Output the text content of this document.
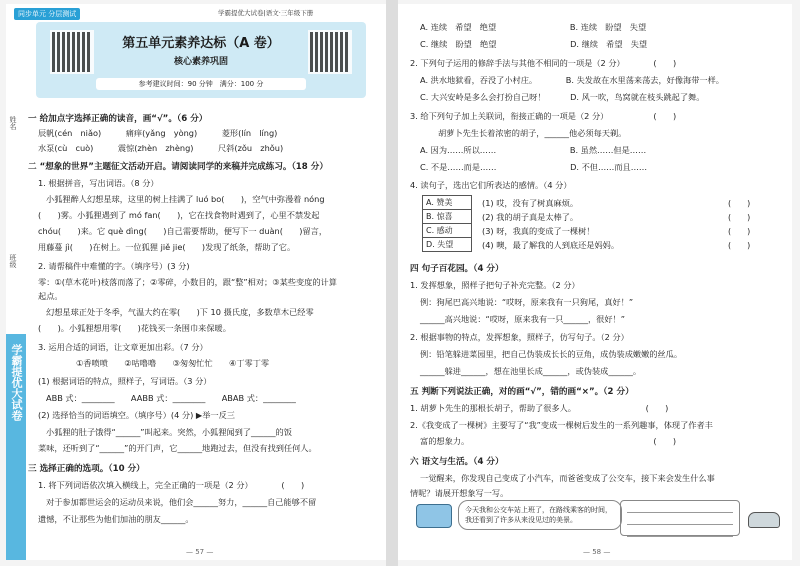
同步单元 分层测试	学霸提优大试卷|语文·三年级下册
第五单元素养达标（A 卷）
核心素养巩固
参考建议时间：90 分钟　满分：100 分
姓名
班级
学霸提优大试卷
一 给加点字选择正确的读音，画“√”。（6 分）
辰帆(cén　niǎo)　　　痛痒(yǎng　yòng)　　　菱形(lín　líng)
水泵(cù　cuò)　　　震惊(zhèn　zhèng)　　　尺斜(zǒu　zhǒu)
二 “想象的世界”主题征文活动开启。请阅读同学的来稿并完成练习。（18 分）
1. 根据拼音，写出词语。（8 分）
小狐狸醉人幻想星球，这里的树上挂满了 luó bo(　　)，空气中弥漫着 nóng
(　　)雾。小狐狸遇到了 mó fan(　　)，它在找食物时遇到了，心里不禁发起
chóu(　　)来。它 què dìng(　　)自己需要帮助，便写下一 duàn(　　)留言，
用藤蔓 jì(　　)在树上。一位狐狸 jiě jie(　　)发现了纸条，帮助了它。
2. 请帮稿件中难懂的字。（填序号）(3 分)
零：①(草木花叶)枝落而落了；②零碎，小数目的，跟“整”相对；③某些变度的计算
起点。
幻想星球正处于冬季，气温大约在零(　　)下 10 摄氏度，多数草木已经零
(　　)。小狐狸想用零(　　)花钱买一条围巾来保暖。
3. 运用合适的词语，让文章更加出彩。（7 分）
①香喷喷　　②咕噜噜　　③匆匆忙忙　　④丁零丁零
(1) 根据词语的特点，照样子，写词语。（3 分）
ABB 式：________　　AABB 式：________　　ABAB 式：________
(2) 选择恰当的词语填空。（填序号）(4 分) ▶举一反三
小狐狸的肚子饿得“______”叫起来。突然，小狐狸闻到了______的饭
菜味，还听到了“______”的开门声，它______地跑过去，但没有找到任何人。
三 选择正确的选项。（10 分）
1. 将下列词语依次填入横线上，完全正确的一项是（2 分）　　　　(　　)
对于参加都世运会的运动员来说，他们会______努力，______自己能够不留
遗憾，不让那些为他们加油的朋友______。
— 57 —
A. 连续　希望　绝望　　　　　　　　　B. 连续　盼望　失望
C. 继续　盼望　绝望　　　　　　　　　D. 继续　希望　失望
2. 下列句子运用的修辞手法与其他不相同的一项是（2 分）　　　　(　　)
A. 洪水地狱看，吞没了小村庄。　　　　B. 失发故在水里荡来荡去，好像海带一样。
C. 大兴安岭是多么会打扮自己呀！　　　D. 风一吹，鸟窝就在枝头跳起了舞。
3. 给下列句子加上关联词，衔接正确的一项是（2 分）　　　　　　(　　)
胡萝卜先生长着浓密的胡子，______他必须每天剃。
A. 因为……所以……　　　　　　　　　B. 虽然……但是……
C. 不是……而是……　　　　　　　　　D. 不但……而且……
4. 读句子，选出它们所表达的感情。（4 分）
A. 赞美
B. 惊喜
C. 感动
D. 失望
(1) 哎，没有了树真麻烦。
(2) 我的胡子真是太棒了。
(3) 呀，我真的变成了一棵树！
(4) 噢，最了解我的人到底还是妈妈。
(　　)
(　　)
(　　)
(　　)
四 句子百花园。（4 分）
1. 发挥想象，照样子把句子补充完整。（2 分）
例：狗尾巴高兴地说：“哎呀，原来我有一只狗尾，真好！”
______高兴地说：“哎呀，原来我有一只______，很好！”
2. 根据事物的特点，发挥想象，照样子，仿写句子。（2 分）
例：铅笔躲进菜园里，把自己伪装成长长的豆角，成伪装成嫩嫩的丝瓜。
______躲进______，想在池里长成______，或伪装成______。
五 判断下列说法正确，对的画“√”，错的画“×”。（2 分）
1. 胡萝卜先生的那根长胡子，帮助了很多人。　　　　　　　　　(　　)
2.《我变成了一棵树》主要写了“我”变成一棵树后发生的一系列趣事，体现了作者丰
富的想象力。　　　　　　　　　　　　　　　　　　　　　　　(　　)
六 语文与生活。（4 分）
一觉醒来，你发现自己变成了小汽车，而爸爸变成了公交车，接下来会发生什么事
情呢？请展开想象写一写。
今天我和公交车站上班了，在路线乘客的时间，我还看到了许多从来没见过的美景。
— 58 —
